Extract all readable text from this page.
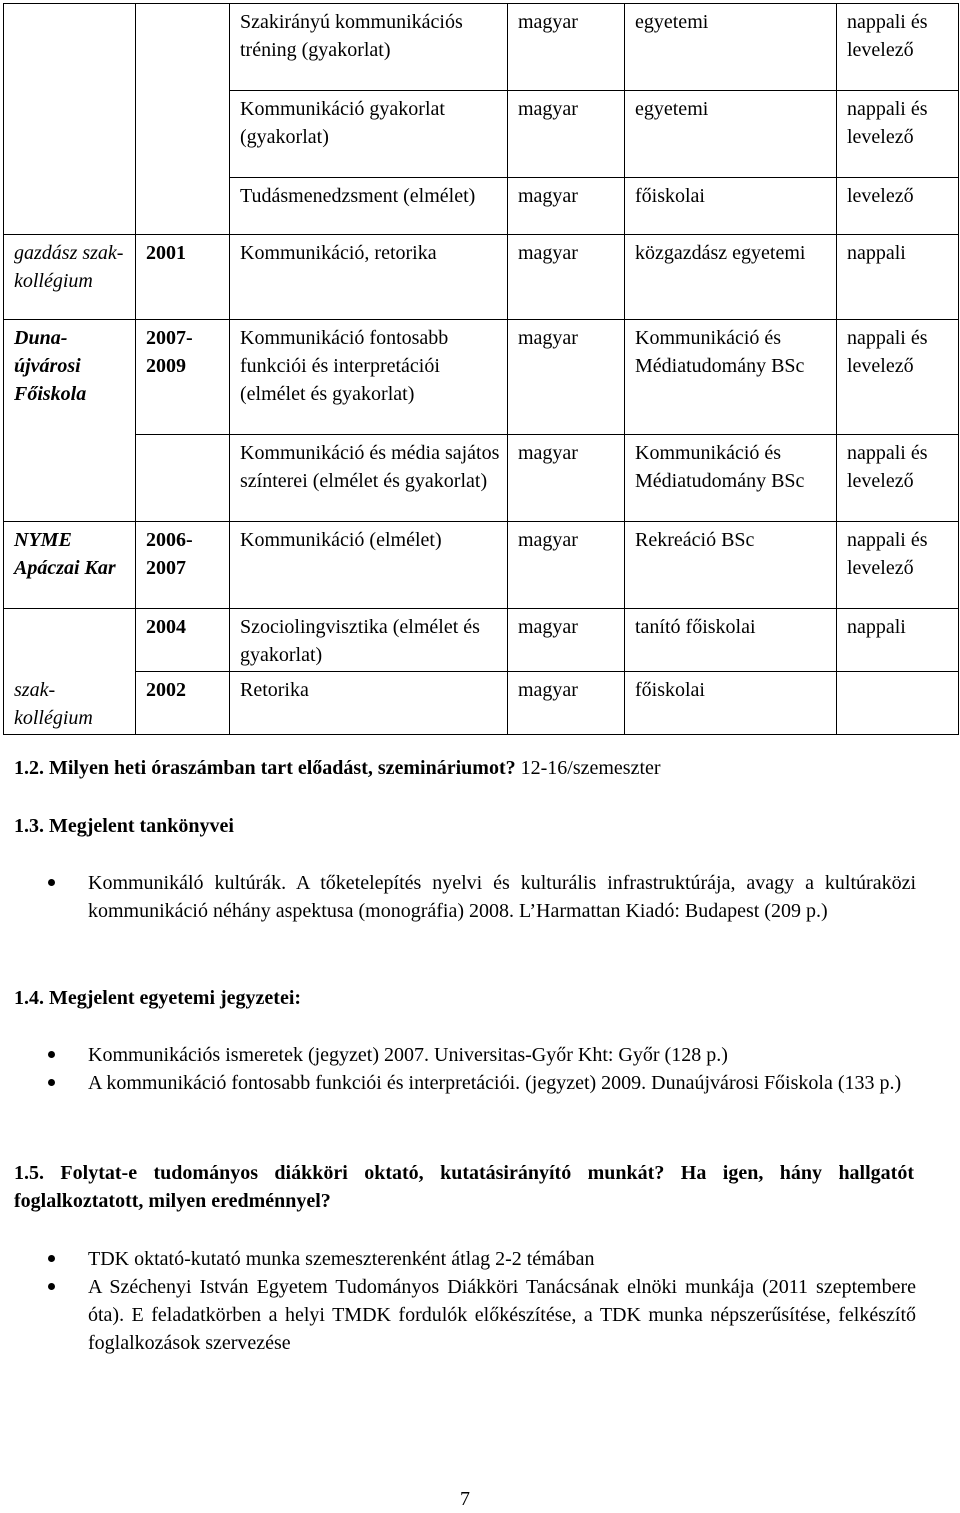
		Szakirányú kommunikációs tréning (gyakorlat)	magyar	egyetemi	nappali és levelező
		Kommunikáció gyakorlat (gyakorlat)	magyar	egyetemi	nappali és levelező
		Tudásmenedzsment (elmélet)	magyar	főiskolai	levelező
gazdász szak-kollégium	2001	Kommunikáció, retorika	magyar	közgazdász egyetemi	nappali
Duna-újvárosi Főiskola	2007-2009	Kommunikáció fontosabb funkciói és interpretációi (elmélet és gyakorlat)	magyar	Kommunikáció és Médiatudomány BSc	nappali és levelező
		Kommunikáció és média sajátos színterei (elmélet és gyakorlat)	magyar	Kommunikáció és Médiatudomány BSc	nappali és levelező
NYME Apáczai Kar	2006-2007	Kommunikáció (elmélet)	magyar	Rekreáció BSc	nappali és levelező
	2004	Szociolingvisztika (elmélet és gyakorlat)	magyar	tanító főiskolai	nappali
szak-kollégium	2002	Retorika	magyar	főiskolai	
1.2. Milyen heti óraszámban tart előadást, szemináriumot? 12-16/szemeszter
1.3. Megjelent tankönyvei
Kommunikáló kultúrák. A tőketelepítés nyelvi és kulturális infrastruktúrája, avagy a kultúraközi kommunikáció néhány aspektusa (monográfia) 2008. L’Harmattan Kiadó: Budapest (209 p.)
1.4. Megjelent egyetemi jegyzetei:
Kommunikációs ismeretek (jegyzet) 2007. Universitas-Győr Kht: Győr (128 p.)
A kommunikáció fontosabb funkciói és interpretációi. (jegyzet) 2009. Dunaújvárosi Főiskola (133 p.)
1.5. Folytat-e tudományos diákköri oktató, kutatásirányító munkát? Ha igen, hány hallgatót foglalkoztatott, milyen eredménnyel?
TDK oktató-kutató munka szemeszterenként átlag 2-2 témában
A Széchenyi István Egyetem Tudományos Diákköri Tanácsának elnöki munkája (2011 szeptembere óta). E feladatkörben a helyi TMDK fordulók előkészítése, a TDK munka népszerűsítése, felkészítő foglalkozások szervezése
7
